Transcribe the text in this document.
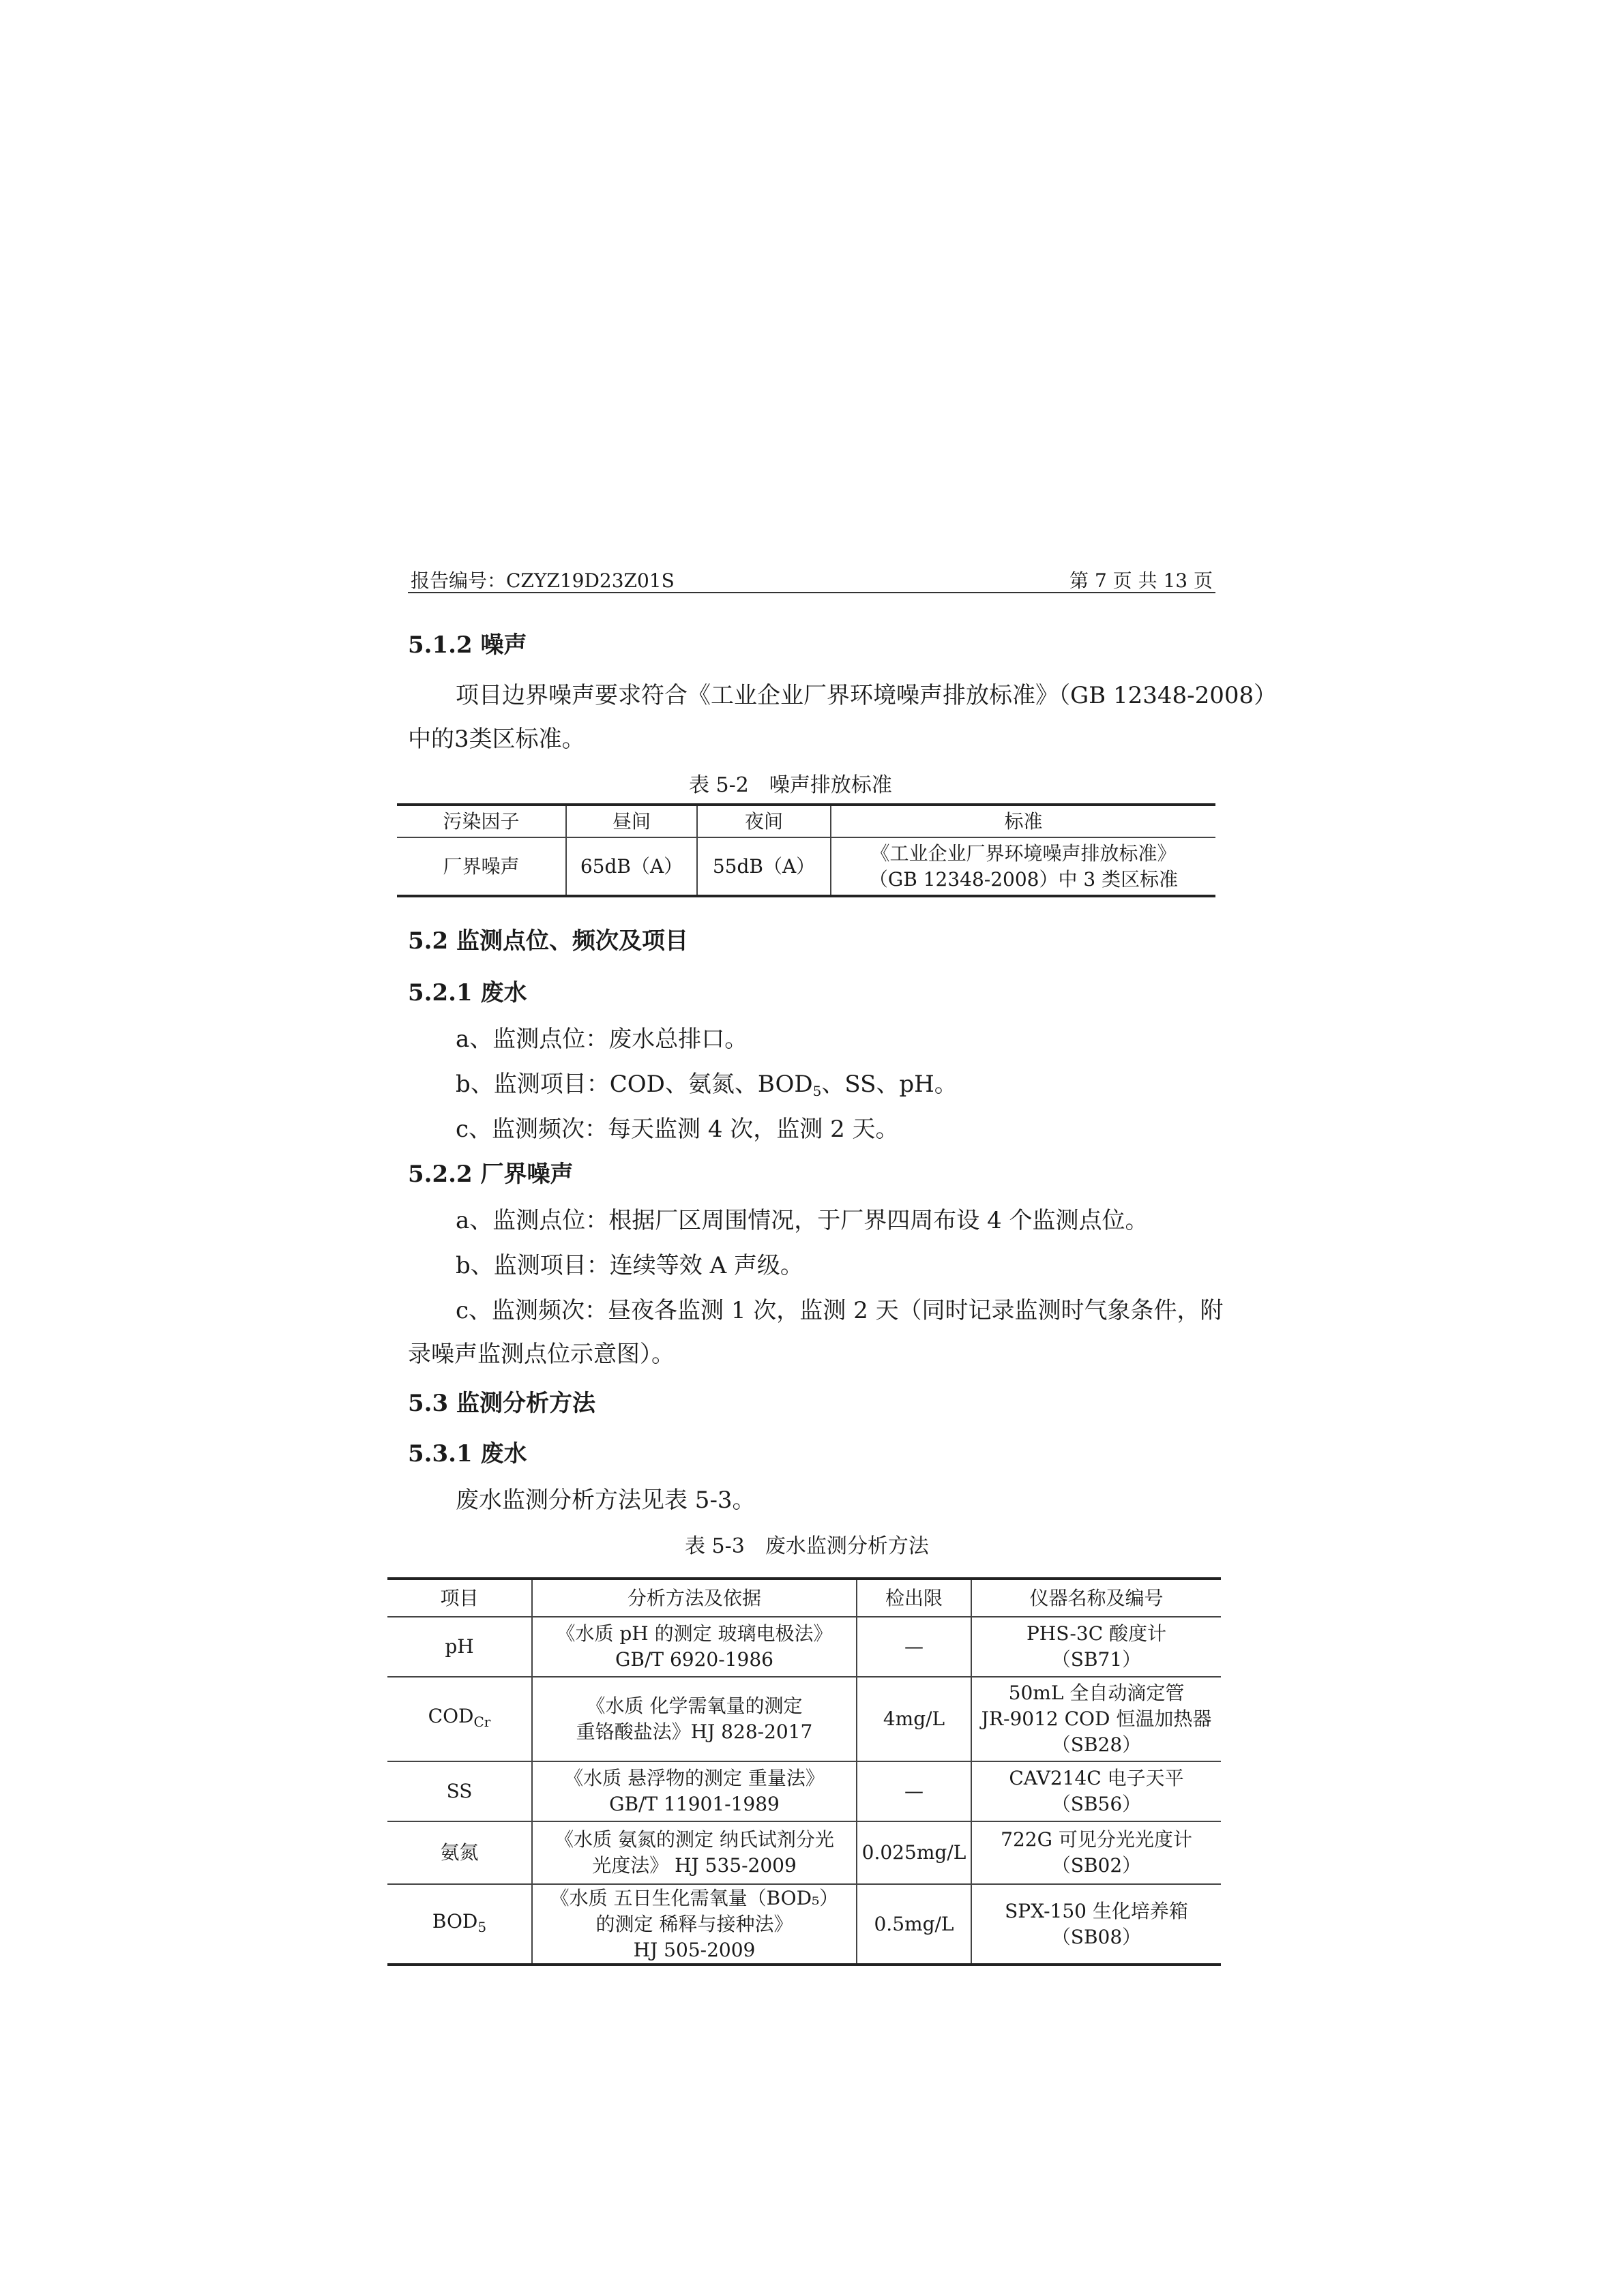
报告编号：CZYZ19D23Z01S	第 7 页 共 13 页
5.1.2 噪声
项目边界噪声要求符合《工业企业厂界环境噪声排放标准》（GB 12348-2008）
中的3类区标准。
表 5-2　噪声排放标准
污染因子	昼间	夜间	标准
厂界噪声	65dB（A）	55dB（A）	《工业企业厂界环境噪声排放标准》
（GB 12348-2008）中 3 类区标准
5.2 监测点位、频次及项目
5.2.1 废水
a、监测点位：废水总排口。
b、监测项目：COD、氨氮、$BOD_5$、SS、pH。
c、监测频次：每天监测 4 次，监测 2 天。
5.2.2 厂界噪声
a、监测点位：根据厂区周围情况，于厂界四周布设 4 个监测点位。
b、监测项目：连续等效 A 声级。
c、监测频次：昼夜各监测 1 次，监测 2 天（同时记录监测时气象条件，附
录噪声监测点位示意图）。
5.3 监测分析方法
5.3.1 废水
废水监测分析方法见表 5-3。
表 5-3　废水监测分析方法
项目	分析方法及依据	检出限	仪器名称及编号
pH	《水质 pH 的测定 玻璃电极法》
GB/T 6920-1986	—	PHS-3C 酸度计
（SB71）

$COD_{Cr}$	《水质 化学需氧量的测定
重铬酸盐法》HJ 828-2017	4mg/L	50mL 全自动滴定管
JR-9012 COD 恒温加热器
（SB28）

SS	《水质 悬浮物的测定 重量法》
GB/T 11901-1989	—	CAV214C 电子天平
（SB56）

氨氮	《水质 氨氮的测定 纳氏试剂分光
光度法》 HJ 535-2009	0.025mg/L	722G 可见分光光度计
（SB02）

$BOD_5$	《水质 五日生化需氧量（BOD₅）
的测定 稀释与接种法》
HJ 505-2009	0.5mg/L	SPX-150 生化培养箱
（SB08）
